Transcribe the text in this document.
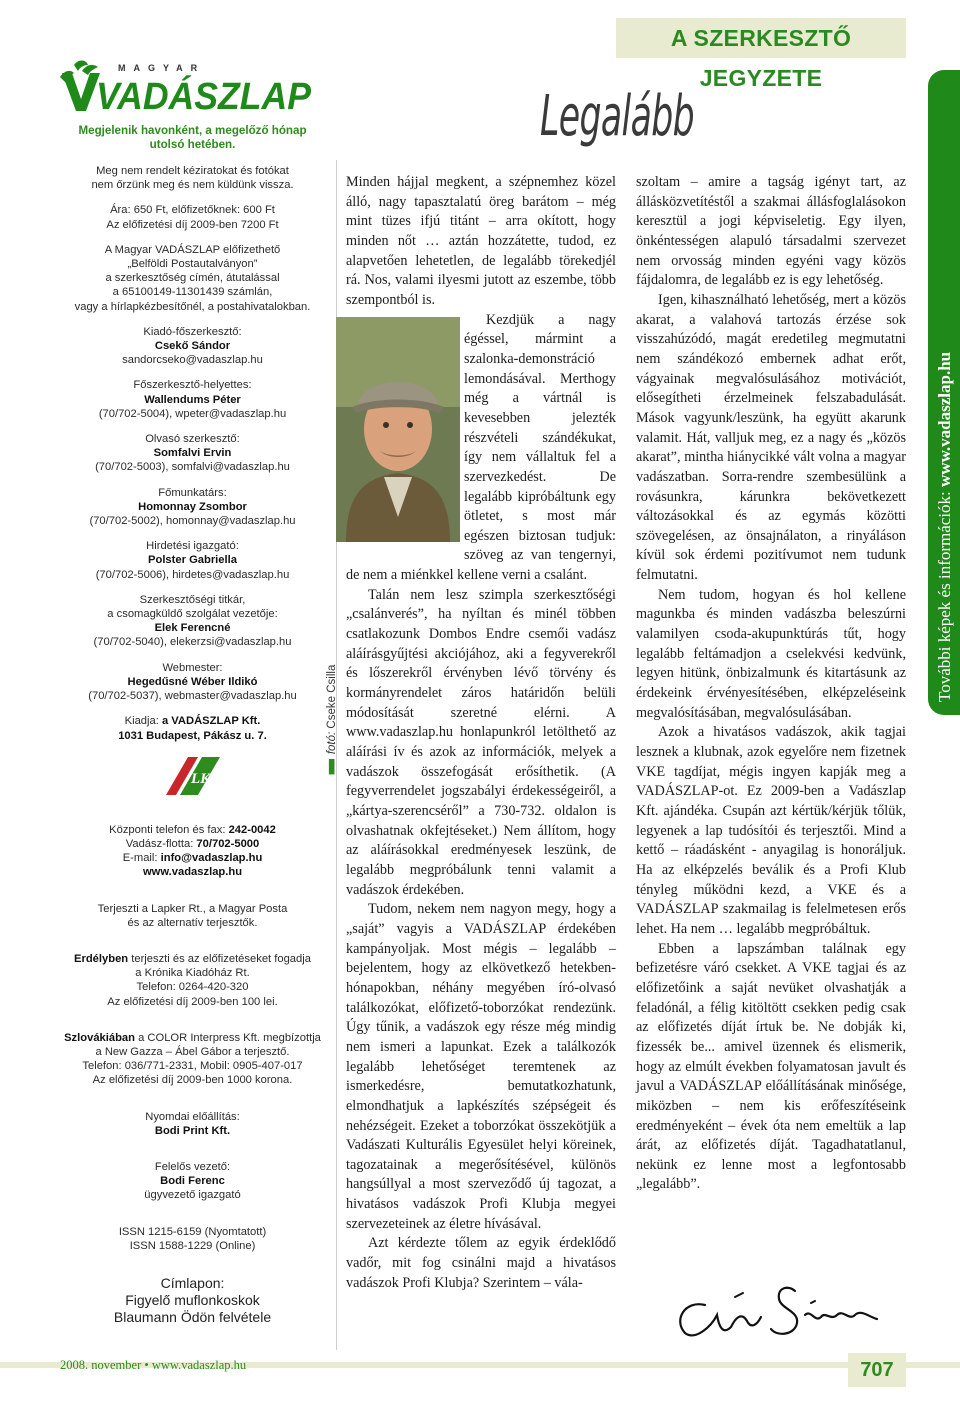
A SZERKESZTŐ JEGYZETE
MAGYAR
VADÁSZLAP

Megjelenik havonként, a megelőző hónap
utolsó hetében.

Meg nem rendelt kéziratokat és fotókat
nem őrzünk meg és nem küldünk vissza.

Ára: 650 Ft, előfizetőknek: 600 Ft
Az előfizetési díj 2009-ben 7200 Ft

A Magyar VADÁSZLAP előfizethető
„Belföldi Postautalványon”
a szerkesztőség címén, átutalással
a 65100149-11301439 számlán,
vagy a hírlapkézbesítőnél, a postahivatalokban.

Kiadó-főszerkesztő:
Csekő Sándor
sandorcseko@vadaszlap.hu

Főszerkesztő-helyettes:
Wallendums Péter
(70/702-5004), wpeter@vadaszlap.hu

Olvasó szerkesztő:
Somfalvi Ervin
(70/702-5003), somfalvi@vadaszlap.hu

Főmunkatárs:
Homonnay Zsombor
(70/702-5002), homonnay@vadaszlap.hu

Hirdetési igazgató:
Polster Gabriella
(70/702-5006), hirdetes@vadaszlap.hu

Szerkesztőségi titkár,
a csomagküldő szolgálat vezetője:
Elek Ferencné
(70/702-5040), elekerzsi@vadaszlap.hu

Webmester:
Hegedűsné Wéber Ildikó
(70/702-5037), webmaster@vadaszlap.hu

Kiadja: a VADÁSZLAP Kft.
1031 Budapest, Pákász u. 7.

LKP

Központi telefon és fax: 242-0042
Vadász-flotta: 70/702-5000
E-mail: info@vadaszlap.hu
www.vadaszlap.hu

Terjeszti a Lapker Rt., a Magyar Posta
és az alternatív terjesztők.

Erdélyben terjeszti és az előfizetéseket fogadja
a Krónika Kiadóház Rt.
Telefon: 0264-420-320
Az előfizetési díj 2009-ben 100 lei.

Szlovákiában a COLOR Interpress Kft. megbízottja
a New Gazza – Ábel Gábor a terjesztő.
Telefon: 036/771-2331, Mobil: 0905-407-017
Az előfizetési díj 2009-ben 1000 korona.

Nyomdai előállítás:
Bodi Print Kft.

Felelős vezető:
Bodi Ferenc
ügyvezető igazgató

ISSN 1215-6159 (Nyomtatott)
ISSN 1588-1229 (Online)

Címlapon:
Figyelő muflonkoskok
Blaumann Ödön felvétele

■■■fotó: Cseke Csilla
Legalább

Minden hájjal megkent, a szépnemhez közel álló, nagy tapasztalatú öreg barátom – még mint tüzes ifjú titánt – arra okított, hogy minden nőt … aztán hozzátette, tudod, ez alapvetően lehetetlen, de legalább törekedjél rá. Nos, valami ilyesmi jutott az eszembe, több szempontból is.

Kezdjük a nagy égéssel, mármint a szalonka-demonstráció lemondásával. Merthogy még a vártnál is kevesebben jelezték részvételi szándékukat, így nem vállaltuk fel a szervezkedést. De legalább kipróbáltunk egy ötletet, s most már egészen biztosan tudjuk: szöveg az van tengernyi, de nem a miénkkel kellene verni a csalánt.

Talán nem lesz szimpla szerkesztőségi „csalánverés”, ha nyíltan és minél többen csatlakozunk Dombos Endre csemői vadász aláírásgyűjtési akciójához, aki a fegyverekről és lőszerekről érvényben lévő törvény és kormányrendelet záros határidőn belüli módosítását szeretné elérni. A www.vadaszlap.hu honlapunkról letölthető az aláírási ív és azok az információk, melyek a vadászok összefogását erősíthetik. (A fegyverrendelet jogszabályi érdekességeiről, a „kártya-szerencséről” a 730-732. oldalon is olvashatnak okfejtéseket.) Nem állítom, hogy az aláírásokkal eredményesek leszünk, de legalább megpróbálunk tenni valamit a vadászok érdekében.

Tudom, nekem nem nagyon megy, hogy a „saját” vagyis a VADÁSZLAP érdekében kampányoljak. Most mégis – legalább – bejelentem, hogy az elkövetkező hetekben-hónapokban, néhány megyében író-olvasó találkozókat, előfizető-toborzókat rendezünk. Úgy tűnik, a vadászok egy része még mindig nem ismeri a lapunkat. Ezek a találkozók legalább lehetőséget teremtenek az ismerkedésre, bemutatkozhatunk, elmondhatjuk a lapkészítés szépségeit és nehézségeit. Ezeket a toborzókat összekötjük a Vadászati Kulturális Egyesület helyi köreinek, tagozatainak a megerősítésével, különös hangsúllyal a most szerveződő új tagozat, a hivatásos vadászok Profi Klubja megyei szervezeteinek az életre hívásával.

Azt kérdezte tőlem az egyik érdeklődő vadőr, mit fog csinálni majd a hivatásos vadászok Profi Klubja? Szerintem – vála-

szoltam – amire a tagság igényt tart, az állásközvetítéstől a szakmai állásfoglalásokon keresztül a jogi képviseletig. Egy ilyen, önkéntességen alapuló társadalmi szervezet nem orvosság minden egyéni vagy közös fájdalomra, de legalább ez is egy lehetőség.

Igen, kihasználható lehetőség, mert a közös akarat, a valahová tartozás érzése sok visszahúzódó, magát eredetileg megmutatni nem szándékozó embernek adhat erőt, vágyainak megvalósulásához motivációt, elősegítheti érzelmeinek felszabadulását. Mások vagyunk/leszünk, ha együtt akarunk valamit. Hát, valljuk meg, ez a nagy és „közös akarat”, mintha hiánycikké vált volna a magyar vadászatban. Sorra-rendre szembesülünk a rovásunkra, kárunkra bekövetkezett változásokkal és az egymás közötti szövegelésen, az önsajnálaton, a rinyáláson kívül sok érdemi pozitívumot nem tudunk felmutatni.

Nem tudom, hogyan és hol kellene magunkba és minden vadászba beleszúrni valamilyen csoda-akupunktúrás tűt, hogy legalább feltámadjon a cselekvési kedvünk, legyen hitünk, önbizalmunk és kitartásunk az érdekeink érvényesítésében, elképzeléseink megvalósításában, megvalósulásában.

Azok a hivatásos vadászok, akik tagjai lesznek a klubnak, azok egyelőre nem fizetnek VKE tagdíjat, mégis ingyen kapják meg a VADÁSZLAP-ot. Ez 2009-ben a Vadászlap Kft. ajándéka. Csupán azt kértük/kérjük tőlük, legyenek a lap tudósítói és terjesztői. Mind a kettő – ráadásként - anyagilag is honoráljuk. Ha az elképzelés beválik és a Profi Klub tényleg működni kezd, a VKE és a VADÁSZLAP szakmailag is felelmetesen erős lehet. Ha nem … legalább megpróbáltuk.

Ebben a lapszámban találnak egy befizetésre váró csekket. A VKE tagjai és az előfizetőink a saját nevüket olvashatják a feladónál, a félig kitöltött csekken pedig csak az előfizetés díját írtuk be. Ne dobják ki, fizessék be... amivel üzennek és elismerik, hogy az elmúlt években folyamatosan javult és javul a VADÁSZLAP előállításának minősége, miközben – nem kis erőfeszítéseink eredményeként – évek óta nem emeltük a lap árát, az előfizetés díját. Tagadhatatlanul, nekünk ez lenne most a legfontosabb „legalább”.

További képek és információk: www.vadaszlap.hu
2008. november • www.vadaszlap.hu	707
